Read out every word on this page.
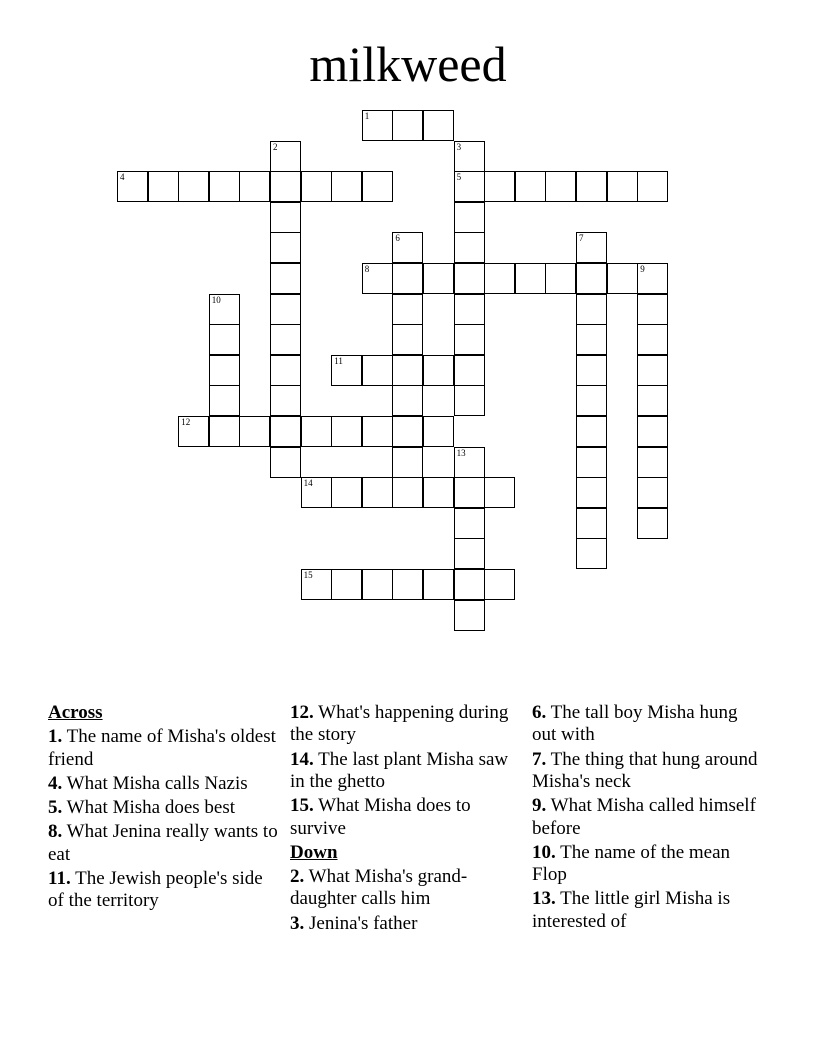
milkweed
1
2	3
4	5
6	7
8	9
10
11
12
13
14
15
Across
1. The name of Misha's oldest friend
4. What Misha calls Nazis
5. What Misha does best
8. What Jenina really wants to eat
11. The Jewish people's side of the territory
12. What's happening during the story
14. The last plant Misha saw in the ghetto
15. What Misha does to survive
Down
2. What Misha's grand-daughter calls him
3. Jenina's father
6. The tall boy Misha hung out with
7. The thing that hung around Misha's neck
9. What Misha called himself before
10. The name of the mean Flop
13. The little girl Misha is interested of
